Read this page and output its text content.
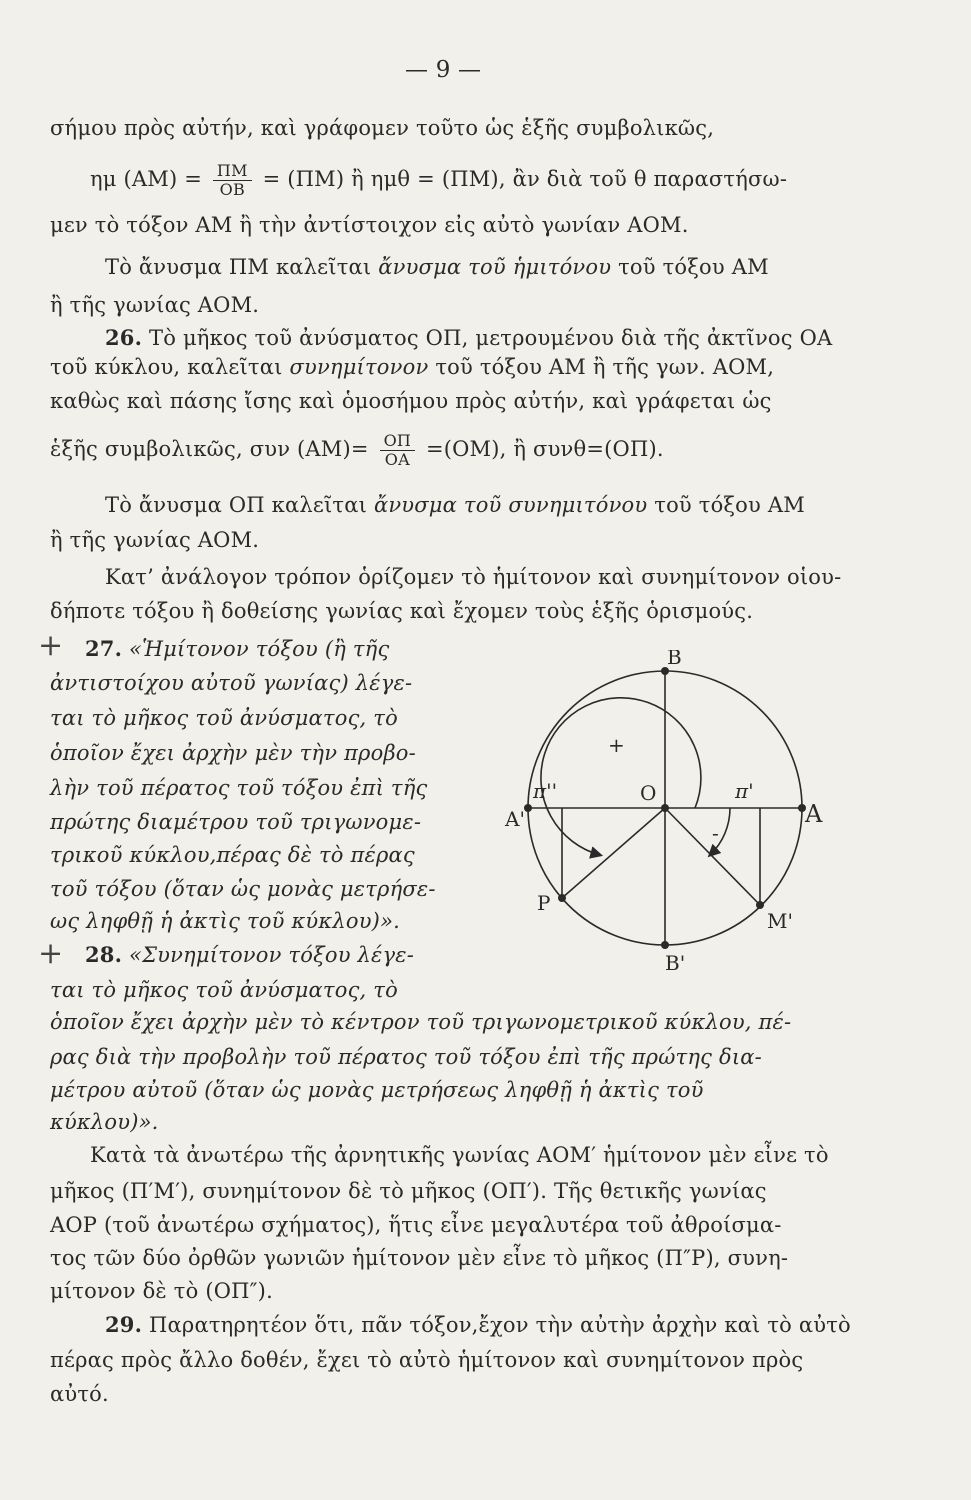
— 9 —
σήμου πρὸς αὐτήν, καὶ γράφομεν τοῦτο ὡς ἑξῆς συμβολικῶς,
ημ $(AM) = \frac{\Pi M}{OB} = (\Pi M)$ ἢ ημθ = (ΠΜ), ἂν διὰ τοῦ θ παραστήσω-
μεν τὸ τόξον ΑΜ ἢ τὴν ἀντίστοιχον εἰς αὐτὸ γωνίαν ΑΟΜ.
Τὸ ἄνυσμα ΠΜ καλεῖται ἄνυσμα τοῦ ἡμιτόνου τοῦ τόξου ΑΜ
ἢ τῆς γωνίας ΑΟΜ.
26. Τὸ μῆκος τοῦ ἀνύσματος ΟΠ, μετρουμένου διὰ τῆς ἀκτῖνος ΟΑ
τοῦ κύκλου, καλεῖται συνημίτονον τοῦ τόξου ΑΜ ἢ τῆς γων. ΑΟΜ,
καθὼς καὶ πάσης ἴσης καὶ ὁμοσήμου πρὸς αὐτήν, καὶ γράφεται ὡς
ἑξῆς συμβολικῶς, συν $(AM)= \frac{O\Pi}{OA} =(OM)$, ἢ συνθ=(ΟΠ).
Τὸ ἄνυσμα ΟΠ καλεῖται ἄνυσμα τοῦ συνημιτόνου τοῦ τόξου ΑΜ
ἢ τῆς γωνίας ΑΟΜ.
Κατ’ ἀνάλογον τρόπον ὁρίζομεν τὸ ἡμίτονον καὶ συνημίτονον οἱου-
δήποτε τόξου ἢ δοθείσης γωνίας καὶ ἔχομεν τοὺς ἑξῆς ὁρισμούς.
+ 27. «Ἡμίτονον τόξου (ἢ τῆς
ἀντιστοίχου αὐτοῦ γωνίας) λέγε-
ται τὸ μῆκος τοῦ ἀνύσματος, τὸ
ὁποῖον ἔχει ἀρχὴν μὲν τὴν προβο-
λὴν τοῦ πέρατος τοῦ τόξου ἐπὶ τῆς
πρώτης διαμέτρου τοῦ τριγωνομε-
τρικοῦ κύκλου,πέρας δὲ τὸ πέρας
τοῦ τόξου (ὅταν ὡς μονὰς μετρήσε-
ως ληφθῇ ἡ ἀκτὶς τοῦ κύκλου)».
+ 28. «Συνημίτονον τόξου λέγε-
ται τὸ μῆκος τοῦ ἀνύσματος, τὸ
ὁποῖον ἔχει ἀρχὴν μὲν τὸ κέντρον τοῦ τριγωνομετρικοῦ κύκλου, πέ-
ρας διὰ τὴν προβολὴν τοῦ πέρατος τοῦ τόξου ἐπὶ τῆς πρώτης δια-
μέτρου αὐτοῦ (ὅταν ὡς μονὰς μετρήσεως ληφθῇ ἡ ἀκτὶς τοῦ
κύκλου)».
Κατὰ τὰ ἀνωτέρω τῆς ἀρνητικῆς γωνίας ΑΟΜ′ ἡμίτονον μὲν εἶνε τὸ
μῆκος (Π′Μ′), συνημίτονον δὲ τὸ μῆκος (ΟΠ′). Τῆς θετικῆς γωνίας
ΑΟΡ (τοῦ ἀνωτέρω σχήματος), ἥτις εἶνε μεγαλυτέρα τοῦ ἀθροίσμα-
τος τῶν δύο ὀρθῶν γωνιῶν ἡμίτονον μὲν εἶνε τὸ μῆκος (Π″Ρ), συνη-
μίτονον δὲ τὸ (ΟΠ″).
29. Παρατηρητέον ὅτι, πᾶν τόξον,ἔχον τὴν αὐτὴν ἀρχὴν καὶ τὸ αὐτὸ
πέρας πρὸς ἄλλο δοθέν, ἔχει τὸ αὐτὸ ἡμίτονον καὶ συνημίτονον πρὸς
αὐτό.
B
B'
A
A'
O
P
M'
π'
π''
+
-
